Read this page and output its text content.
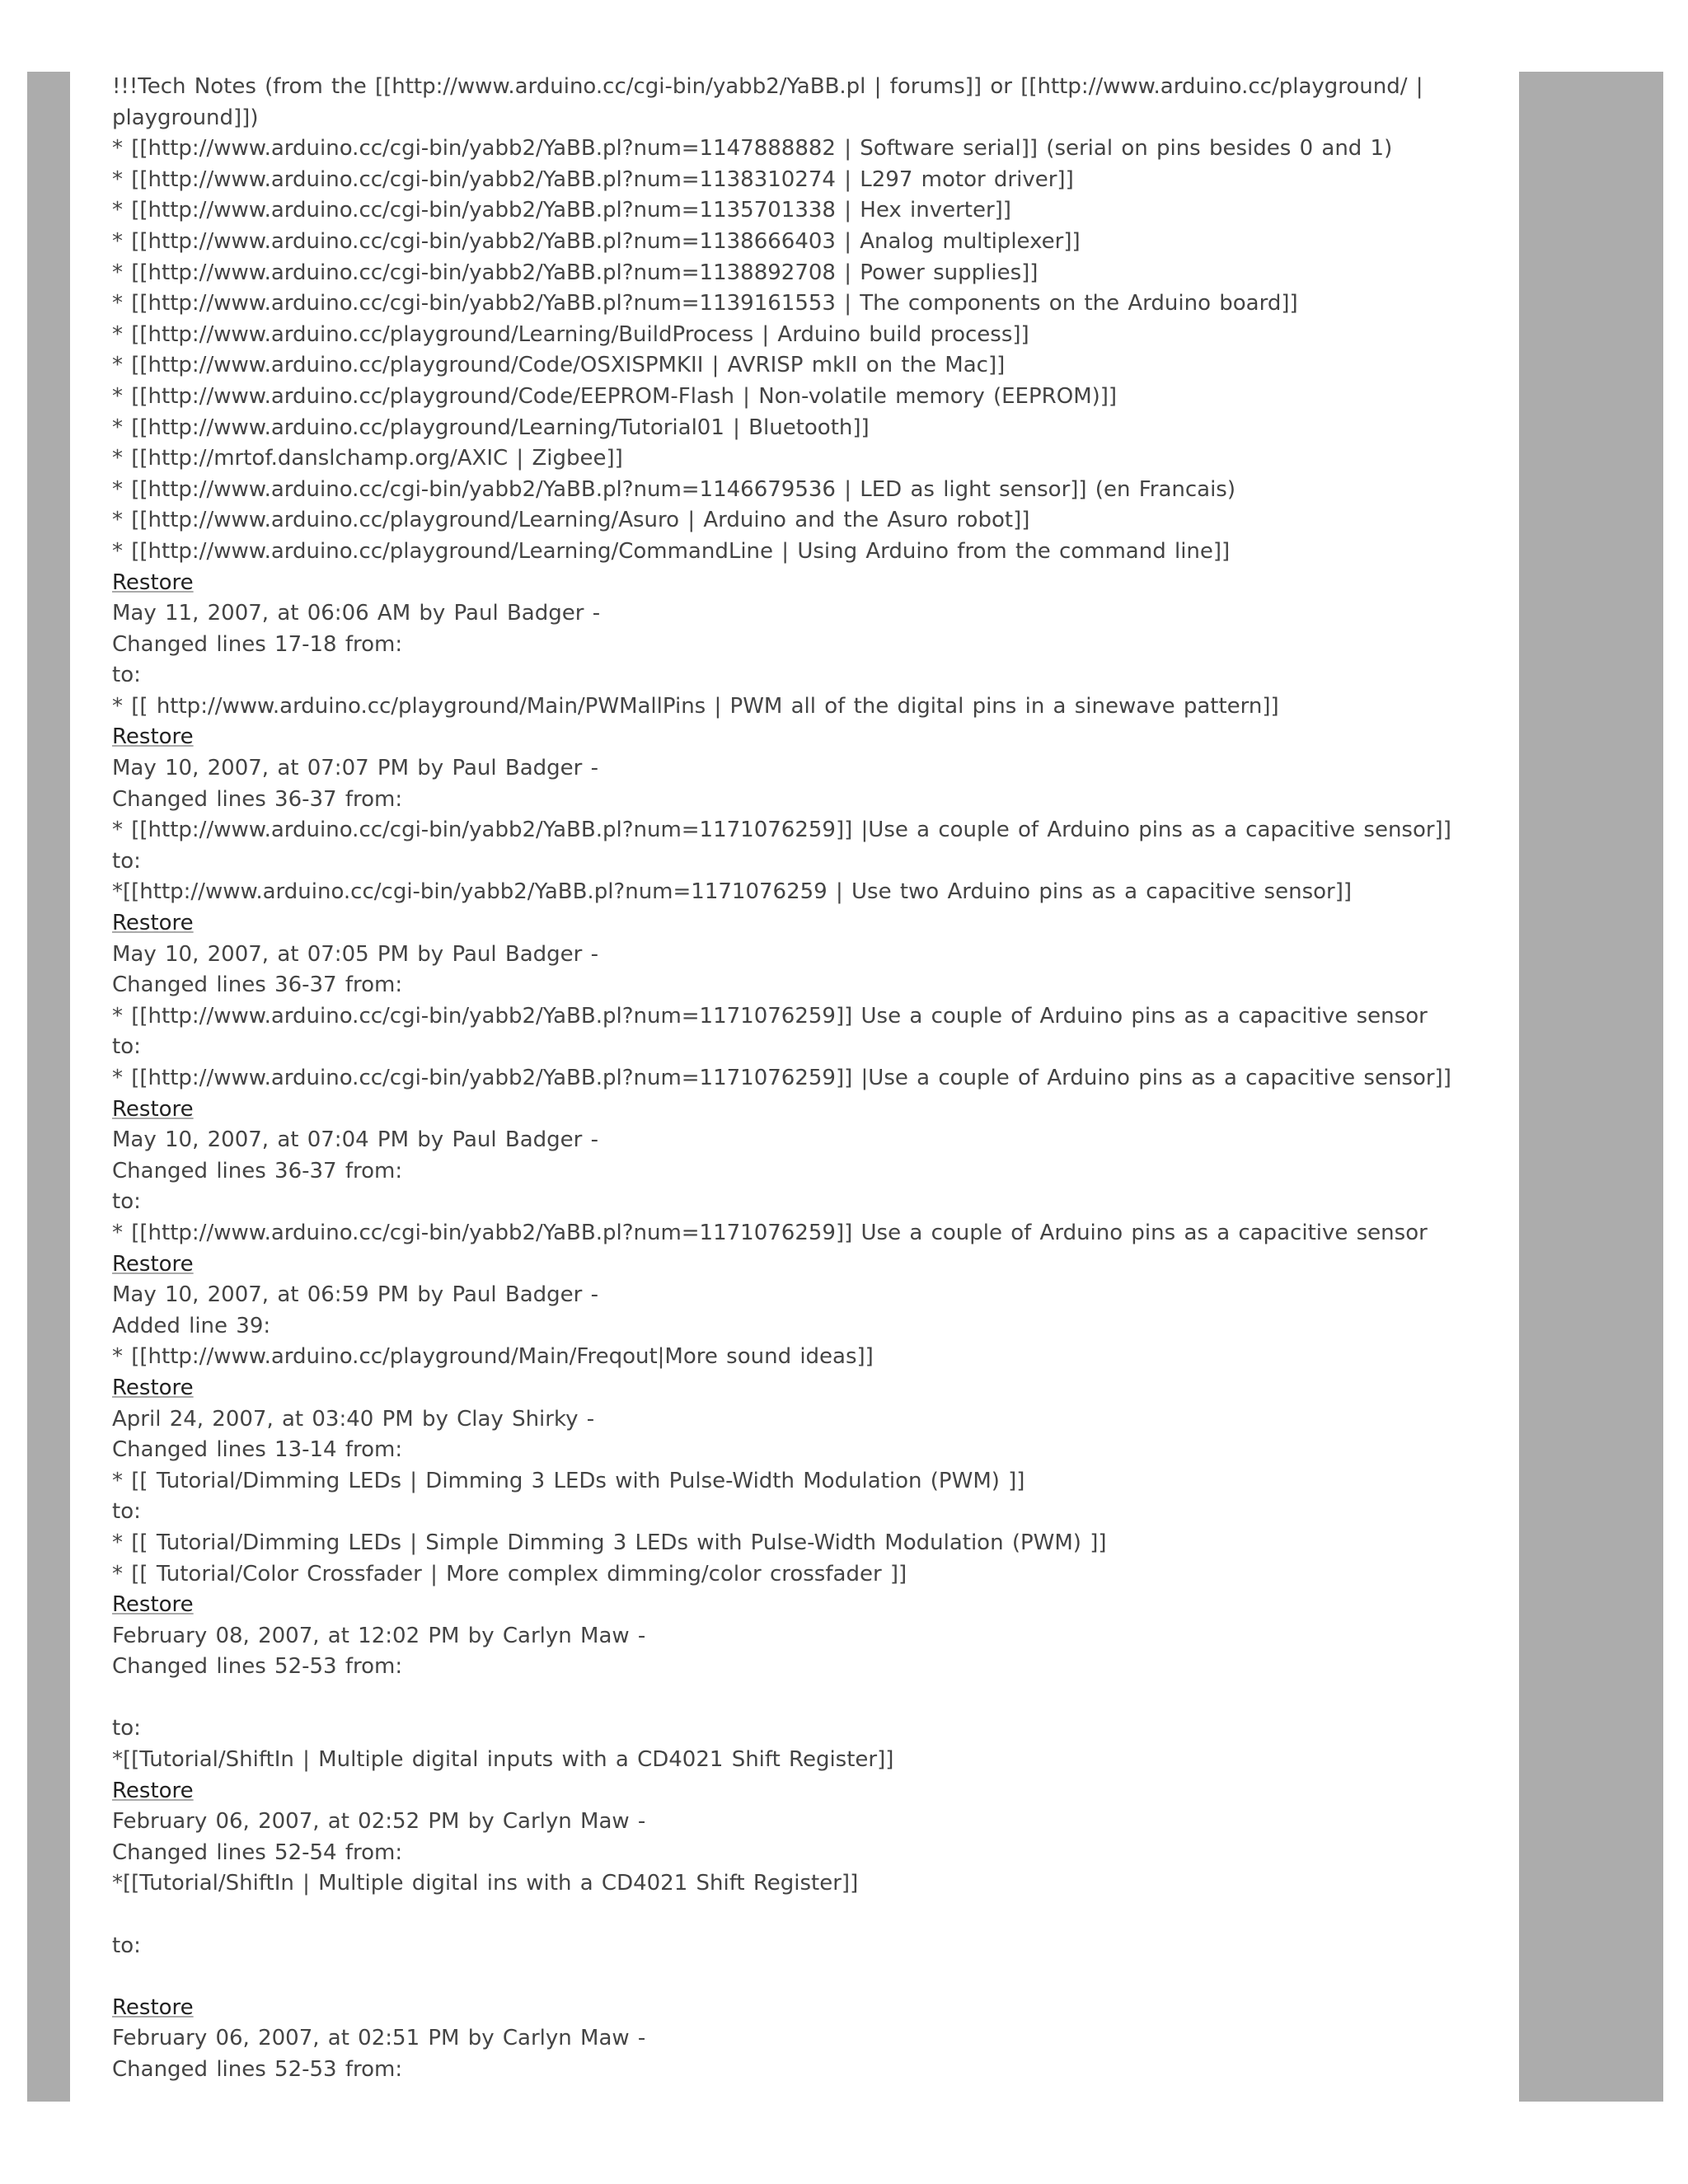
!!!Tech Notes (from the [[http://www.arduino.cc/cgi-bin/yabb2/YaBB.pl | forums]] or [[http://www.arduino.cc/playground/ |
playground]])
* [[http://www.arduino.cc/cgi-bin/yabb2/YaBB.pl?num=1147888882 | Software serial]] (serial on pins besides 0 and 1)
* [[http://www.arduino.cc/cgi-bin/yabb2/YaBB.pl?num=1138310274 | L297 motor driver]]
* [[http://www.arduino.cc/cgi-bin/yabb2/YaBB.pl?num=1135701338 | Hex inverter]]
* [[http://www.arduino.cc/cgi-bin/yabb2/YaBB.pl?num=1138666403 | Analog multiplexer]]
* [[http://www.arduino.cc/cgi-bin/yabb2/YaBB.pl?num=1138892708 | Power supplies]]
* [[http://www.arduino.cc/cgi-bin/yabb2/YaBB.pl?num=1139161553 | The components on the Arduino board]]
* [[http://www.arduino.cc/playground/Learning/BuildProcess | Arduino build process]]
* [[http://www.arduino.cc/playground/Code/OSXISPMKII | AVRISP mkII on the Mac]]
* [[http://www.arduino.cc/playground/Code/EEPROM-Flash | Non-volatile memory (EEPROM)]]
* [[http://www.arduino.cc/playground/Learning/Tutorial01 | Bluetooth]]
* [[http://mrtof.danslchamp.org/AXIC | Zigbee]]
* [[http://www.arduino.cc/cgi-bin/yabb2/YaBB.pl?num=1146679536 | LED as light sensor]] (en Francais)
* [[http://www.arduino.cc/playground/Learning/Asuro | Arduino and the Asuro robot]]
* [[http://www.arduino.cc/playground/Learning/CommandLine | Using Arduino from the command line]]
Restore
May 11, 2007, at 06:06 AM by Paul Badger -
Changed lines 17-18 from:
to:
* [[ http://www.arduino.cc/playground/Main/PWMallPins | PWM all of the digital pins in a sinewave pattern]]
Restore
May 10, 2007, at 07:07 PM by Paul Badger -
Changed lines 36-37 from:
* [[http://www.arduino.cc/cgi-bin/yabb2/YaBB.pl?num=1171076259]] |Use a couple of Arduino pins as a capacitive sensor]]
to:
*[[http://www.arduino.cc/cgi-bin/yabb2/YaBB.pl?num=1171076259 | Use two Arduino pins as a capacitive sensor]]
Restore
May 10, 2007, at 07:05 PM by Paul Badger -
Changed lines 36-37 from:
* [[http://www.arduino.cc/cgi-bin/yabb2/YaBB.pl?num=1171076259]] Use a couple of Arduino pins as a capacitive sensor
to:
* [[http://www.arduino.cc/cgi-bin/yabb2/YaBB.pl?num=1171076259]] |Use a couple of Arduino pins as a capacitive sensor]]
Restore
May 10, 2007, at 07:04 PM by Paul Badger -
Changed lines 36-37 from:
to:
* [[http://www.arduino.cc/cgi-bin/yabb2/YaBB.pl?num=1171076259]] Use a couple of Arduino pins as a capacitive sensor
Restore
May 10, 2007, at 06:59 PM by Paul Badger -
Added line 39:
* [[http://www.arduino.cc/playground/Main/Freqout|More sound ideas]]
Restore
April 24, 2007, at 03:40 PM by Clay Shirky -
Changed lines 13-14 from:
* [[ Tutorial/Dimming LEDs | Dimming 3 LEDs with Pulse-Width Modulation (PWM) ]]
to:
* [[ Tutorial/Dimming LEDs | Simple Dimming 3 LEDs with Pulse-Width Modulation (PWM) ]]
* [[ Tutorial/Color Crossfader | More complex dimming/color crossfader ]]
Restore
February 08, 2007, at 12:02 PM by Carlyn Maw -
Changed lines 52-53 from:
to:
*[[Tutorial/ShiftIn | Multiple digital inputs with a CD4021 Shift Register]]
Restore
February 06, 2007, at 02:52 PM by Carlyn Maw -
Changed lines 52-54 from:
*[[Tutorial/ShiftIn | Multiple digital ins with a CD4021 Shift Register]]
to:
Restore
February 06, 2007, at 02:51 PM by Carlyn Maw -
Changed lines 52-53 from:
